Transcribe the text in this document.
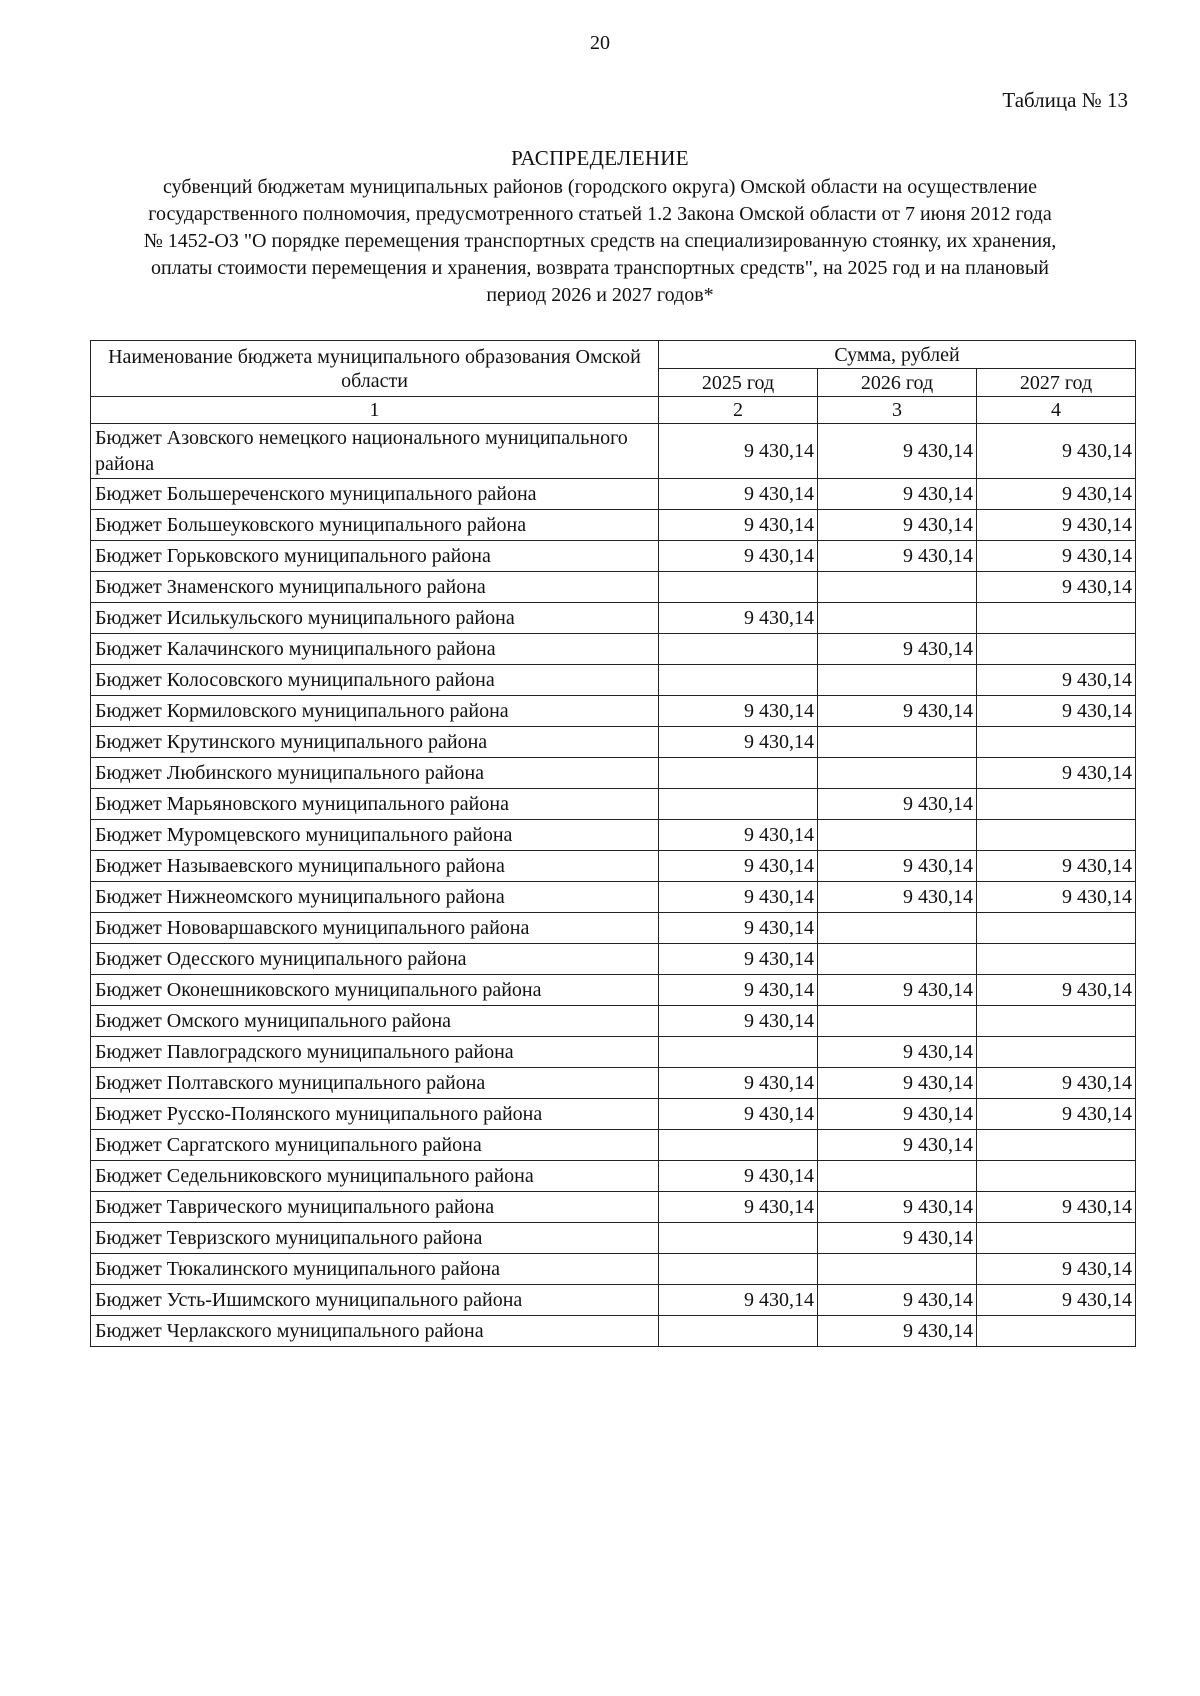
20
Таблица № 13
РАСПРЕДЕЛЕНИЕ
субвенций бюджетам муниципальных районов (городского округа) Омской области на осуществление
государственного полномочия, предусмотренного статьей 1.2 Закона Омской области от 7 июня 2012 года
№ 1452-ОЗ "О порядке перемещения транспортных средств на специализированную стоянку, их хранения,
оплаты стоимости перемещения и хранения, возврата транспортных средств", на 2025 год и на плановый
период 2026 и 2027 годов*
Наименование бюджета муниципального образования Омской области	Сумма, рублей		
	2025 год	2026 год	2027 год
1	2	3	4
Бюджет Азовского немецкого национального муниципального района	9 430,14	9 430,14	9 430,14
Бюджет Большереченского муниципального района	9 430,14	9 430,14	9 430,14
Бюджет Большеуковского муниципального района	9 430,14	9 430,14	9 430,14
Бюджет Горьковского муниципального района	9 430,14	9 430,14	9 430,14
Бюджет Знаменского муниципального района			9 430,14
Бюджет Исилькульского муниципального района	9 430,14		
Бюджет Калачинского муниципального района		9 430,14	
Бюджет Колосовского муниципального района			9 430,14
Бюджет Кормиловского муниципального района	9 430,14	9 430,14	9 430,14
Бюджет Крутинского муниципального района	9 430,14		
Бюджет Любинского муниципального района			9 430,14
Бюджет Марьяновского муниципального района		9 430,14	
Бюджет Муромцевского муниципального района	9 430,14		
Бюджет Называевского муниципального района	9 430,14	9 430,14	9 430,14
Бюджет Нижнеомского муниципального района	9 430,14	9 430,14	9 430,14
Бюджет Нововаршавского муниципального района	9 430,14		
Бюджет Одесского муниципального района	9 430,14		
Бюджет Оконешниковского муниципального района	9 430,14	9 430,14	9 430,14
Бюджет Омского муниципального района	9 430,14		
Бюджет Павлоградского муниципального района		9 430,14	
Бюджет Полтавского муниципального района	9 430,14	9 430,14	9 430,14
Бюджет Русско-Полянского муниципального района	9 430,14	9 430,14	9 430,14
Бюджет Саргатского муниципального района		9 430,14	
Бюджет Седельниковского муниципального района	9 430,14		
Бюджет Таврического муниципального района	9 430,14	9 430,14	9 430,14
Бюджет Тевризского муниципального района		9 430,14	
Бюджет Тюкалинского муниципального района			9 430,14
Бюджет Усть-Ишимского муниципального района	9 430,14	9 430,14	9 430,14
Бюджет Черлакского муниципального района		9 430,14	
